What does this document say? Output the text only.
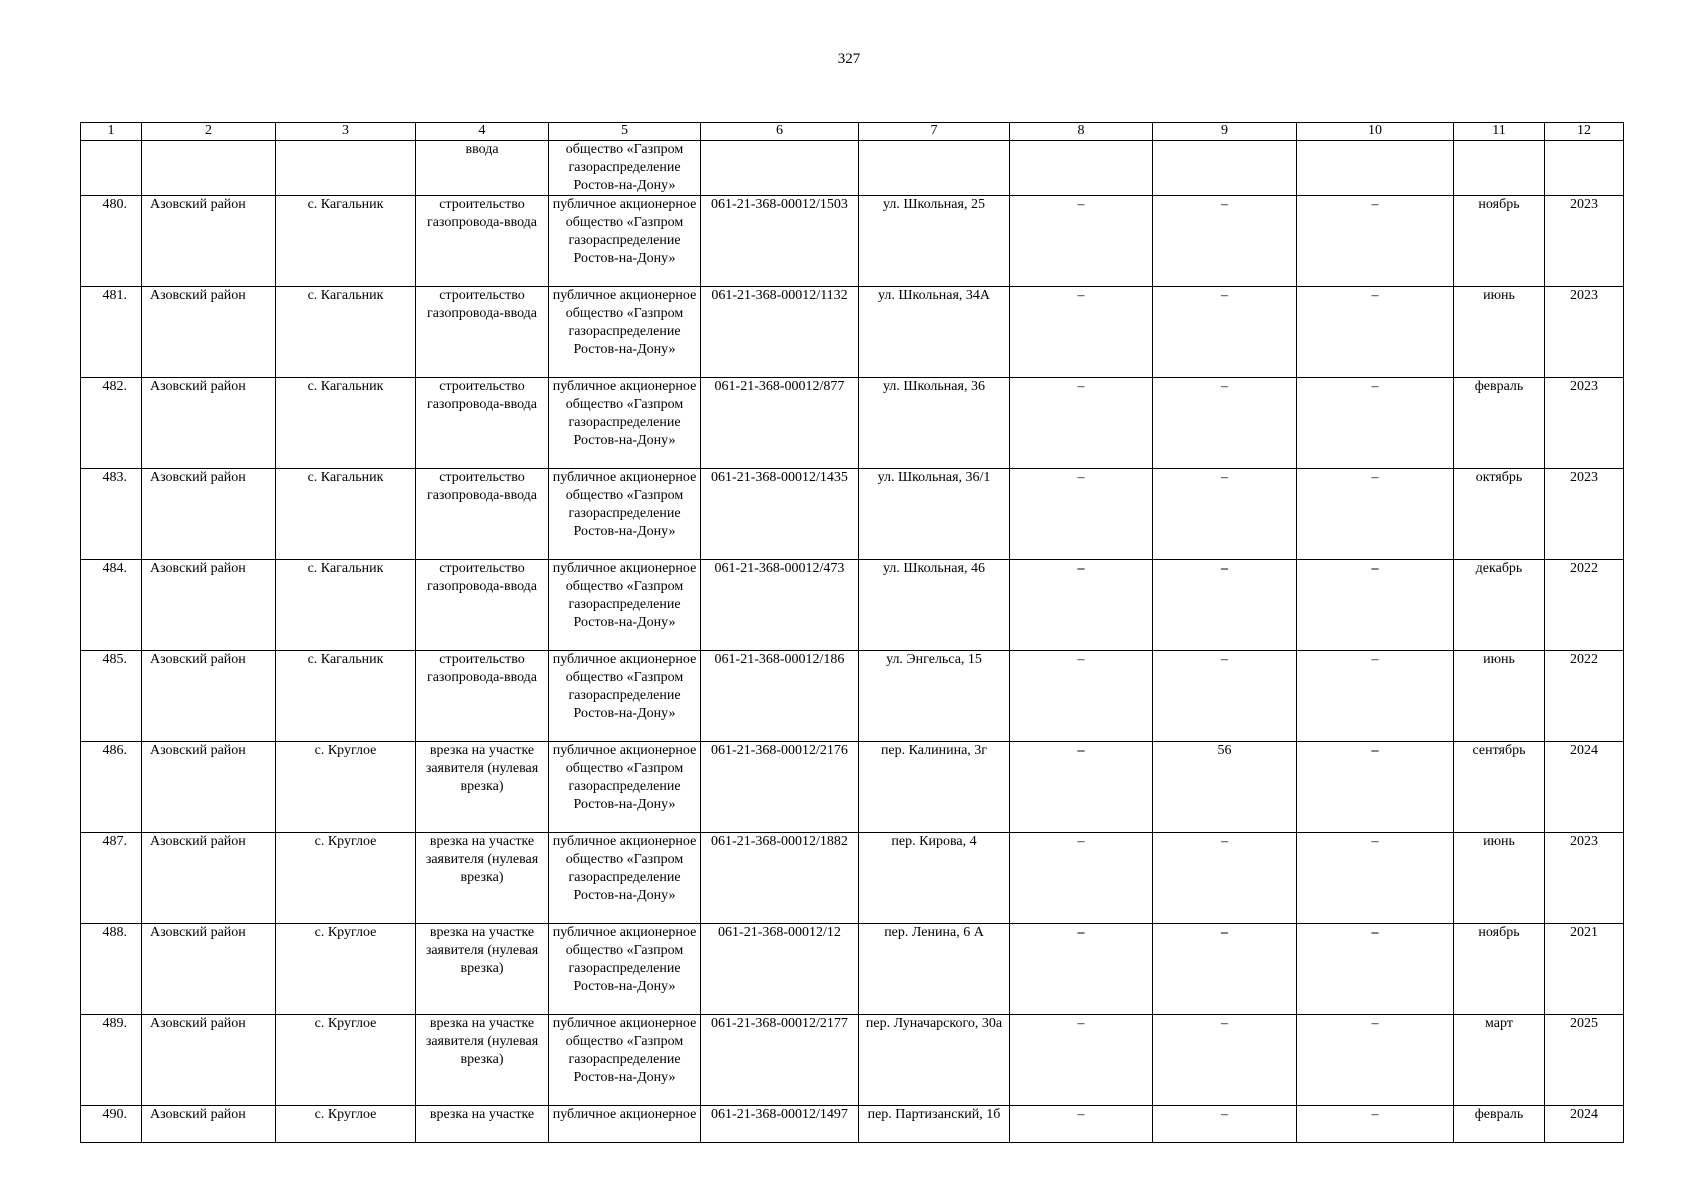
327
1	2	3	4	5	6	7	8	9	10	11	12
			ввода	общество «Газпром газораспределение Ростов-на-Дону»							
480.	Азовский район	с. Кагальник	строительство газопровода-ввода	публичное акционерное общество «Газпром газораспределение Ростов-на-Дону»	061-21-368-00012/1503	ул. Школьная, 25	–	–	–	ноябрь	2023
481.	Азовский район	с. Кагальник	строительство газопровода-ввода	публичное акционерное общество «Газпром газораспределение Ростов-на-Дону»	061-21-368-00012/1132	ул. Школьная, 34А	–	–	–	июнь	2023
482.	Азовский район	с. Кагальник	строительство газопровода-ввода	публичное акционерное общество «Газпром газораспределение Ростов-на-Дону»	061-21-368-00012/877	ул. Школьная, 36	–	–	–	февраль	2023
483.	Азовский район	с. Кагальник	строительство газопровода-ввода	публичное акционерное общество «Газпром газораспределение Ростов-на-Дону»	061-21-368-00012/1435	ул. Школьная, 36/1	–	–	–	октябрь	2023
484.	Азовский район	с. Кагальник	строительство газопровода-ввода	публичное акционерное общество «Газпром газораспределение Ростов-на-Дону»	061-21-368-00012/473	ул. Школьная, 46	–	–	–	декабрь	2022
485.	Азовский район	с. Кагальник	строительство газопровода-ввода	публичное акционерное общество «Газпром газораспределение Ростов-на-Дону»	061-21-368-00012/186	ул. Энгельса, 15	–	–	–	июнь	2022
486.	Азовский район	с. Круглое	врезка на участке заявителя (нулевая врезка)	публичное акционерное общество «Газпром газораспределение Ростов-на-Дону»	061-21-368-00012/2176	пер. Калинина, 3г	–	56	–	сентябрь	2024
487.	Азовский район	с. Круглое	врезка на участке заявителя (нулевая врезка)	публичное акционерное общество «Газпром газораспределение Ростов-на-Дону»	061-21-368-00012/1882	пер. Кирова, 4	–	–	–	июнь	2023
488.	Азовский район	с. Круглое	врезка на участке заявителя (нулевая врезка)	публичное акционерное общество «Газпром газораспределение Ростов-на-Дону»	061-21-368-00012/12	пер. Ленина, 6 А	–	–	–	ноябрь	2021
489.	Азовский район	с. Круглое	врезка на участке заявителя (нулевая врезка)	публичное акционерное общество «Газпром газораспределение Ростов-на-Дону»	061-21-368-00012/2177	пер. Луначарского, 30а	–	–	–	март	2025
490.	Азовский район	с. Круглое	врезка на участке	публичное акционерное	061-21-368-00012/1497	пер. Партизанский, 1б	–	–	–	февраль	2024
